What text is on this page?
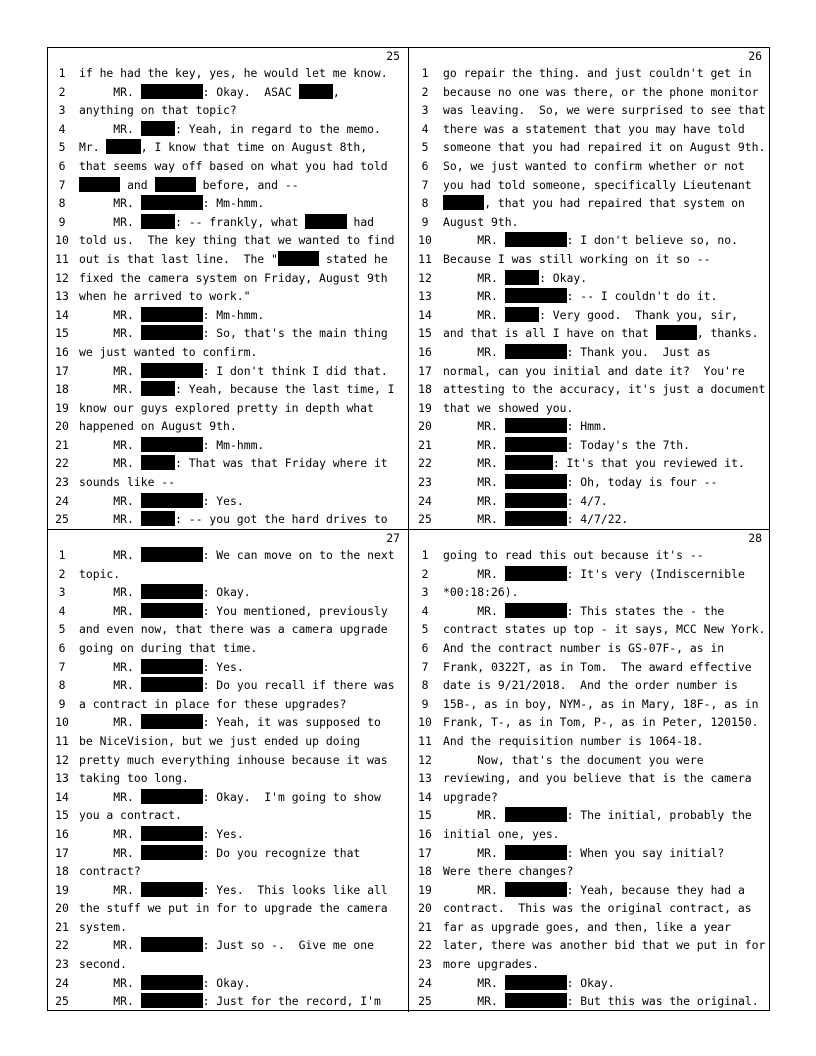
25
1	if he had the key, yes, he would let me know.
2	MR.	: Okay.  ASAC	,
3	anything on that topic?
4	MR.	: Yeah, in regard to the memo.
5	Mr.	, I know that time on August 8th,
6	that seems way off based on what you had told
7	and	before, and --
8	MR.	: Mm-hmm.
9	MR.	: -- frankly, what	had
10 told us.  The key thing that we wanted to find
11 out is that last line.  The "	stated he
12 fixed the camera system on Friday, August 9th
13 when he arrived to work."
14 MR.	: Mm-hmm.
15 MR.	: So, that's the main thing
16 we just wanted to confirm.
17 MR.	: I don't think I did that.
18 MR.	: Yeah, because the last time, I
19 know our guys explored pretty in depth what
20 happened on August 9th.
21 MR.	: Mm-hmm.
22 MR.	: That was that Friday where it
23 sounds like --
24 MR.	: Yes.
25 MR.	: -- you got the hard drives to
26
1	go repair the thing. and just couldn't get in
2	because no one was there, or the phone monitor
3	was leaving.  So, we were surprised to see that
4	there was a statement that you may have told
5	someone that you had repaired it on August 9th.
6	So, we just wanted to confirm whether or not
7	you had told someone, specifically Lieutenant
8	, that you had repaired that system on
9	August 9th.
10 MR.	: I don't believe so, no.
11 Because I was still working on it so --
12 MR.	: Okay.
13 MR.	: -- I couldn't do it.
14 MR.	: Very good.  Thank you, sir,
15 and that is all I have on that	, thanks.
16 MR.	: Thank you.  Just as
17 normal, can you initial and date it?  You're
18 attesting to the accuracy, it's just a document
19 that we showed you.
20 MR.	: Hmm.
21 MR.	: Today's the 7th.
22 MR.	: It's that you reviewed it.
23 MR.	: Oh, today is four --
24 MR.	: 4/7.
25 MR.	: 4/7/22.
27
1	MR.	: We can move on to the next
2	topic.
3	MR.	: Okay.
4	MR.	: You mentioned, previously
5	and even now, that there was a camera upgrade
6	going on during that time.
7	MR.	: Yes.
8	MR.	: Do you recall if there was
9	a contract in place for these upgrades?
10 MR.	: Yeah, it was supposed to
11 be NiceVision, but we just ended up doing
12 pretty much everything inhouse because it was
13 taking too long.
14 MR.	: Okay.  I'm going to show
15 you a contract.
16 MR.	: Yes.
17 MR.	: Do you recognize that
18 contract?
19 MR.	: Yes.  This looks like all
20 the stuff we put in for to upgrade the camera
21 system.
22 MR.	: Just so -.  Give me one
23 second.
24 MR.	: Okay.
25 MR.	: Just for the record, I'm
28
1	going to read this out because it's --
2	MR.	: It's very (Indiscernible
3	*00:18:26).
4	MR.	: This states the - the
5	contract states up top - it says, MCC New York.
6	And the contract number is GS-07F-, as in
7	Frank, 0322T, as in Tom.  The award effective
8	date is 9/21/2018.  And the order number is
9	15B-, as in boy, NYM-, as in Mary, 18F-, as in
10 Frank, T-, as in Tom, P-, as in Peter, 120150.
11 And the requisition number is 1064-18.
12 Now, that's the document you were
13 reviewing, and you believe that is the camera
14 upgrade?
15 MR.	: The initial, probably the
16 initial one, yes.
17 MR.	: When you say initial?
18 Were there changes?
19 MR.	: Yeah, because they had a
20 contract.  This was the original contract, as
21 far as upgrade goes, and then, like a year
22 later, there was another bid that we put in for
23 more upgrades.
24 MR.	: Okay.
25 MR.	: But this was the original.
